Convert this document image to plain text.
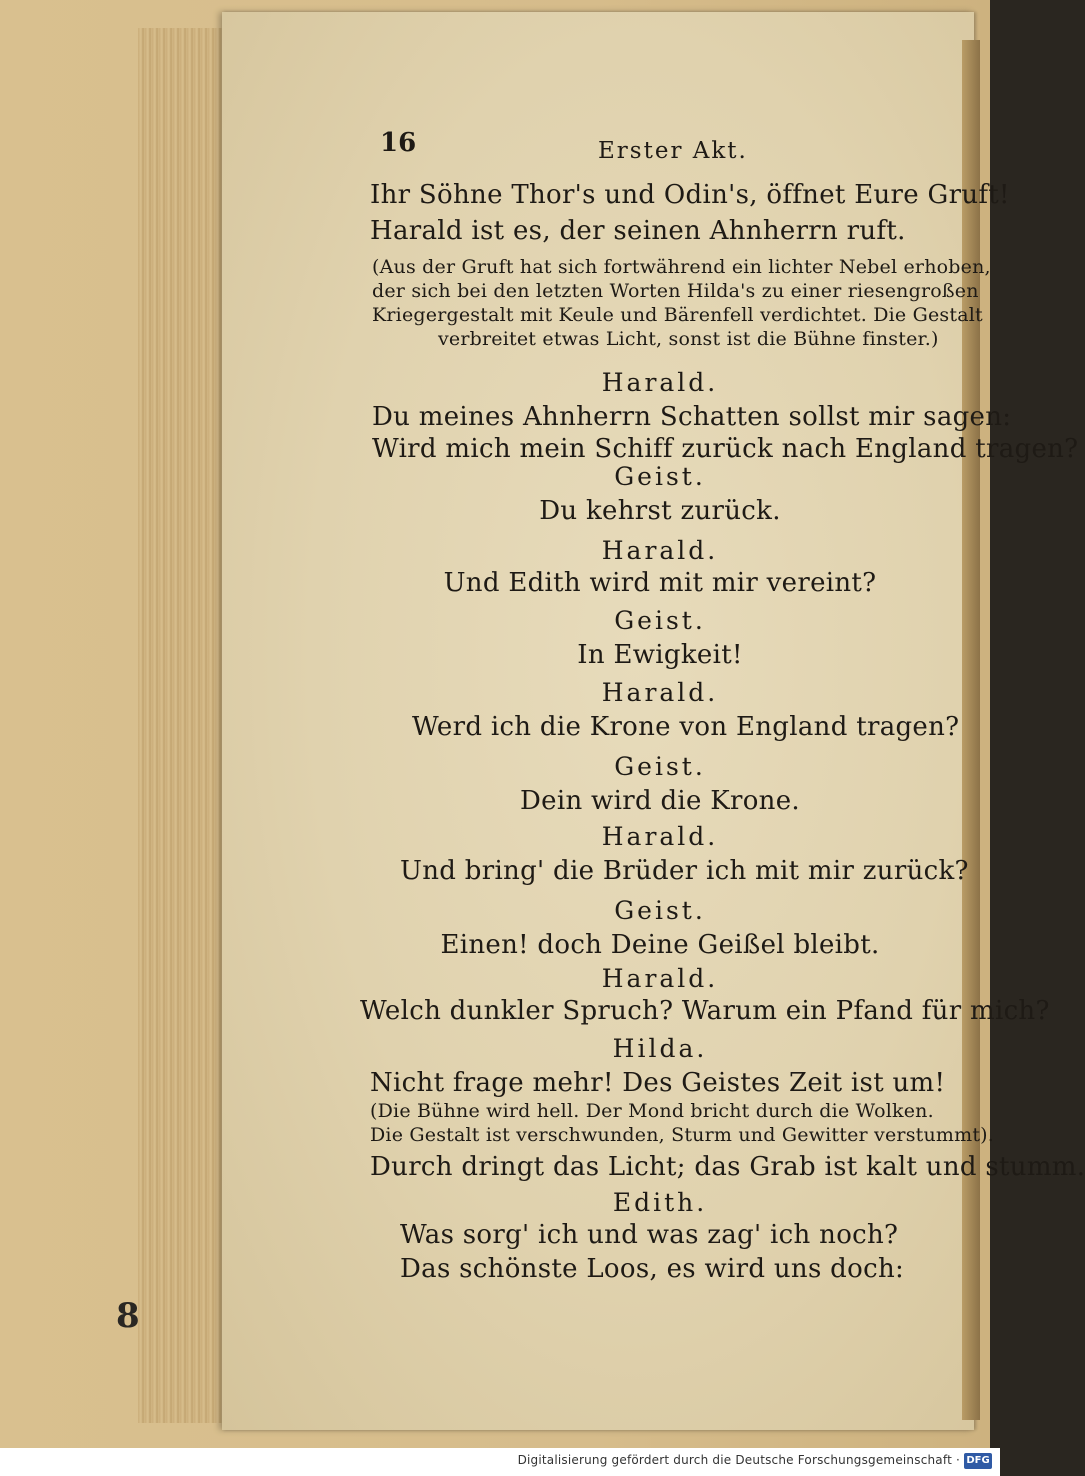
16	Erster Akt.
Ihr Söhne Thor's und Odin's, öffnet Eure Gruft!
Harald ist es, der seinen Ahnherrn ruft.
(Aus der Gruft hat sich fortwährend ein lichter Nebel erhoben,
der sich bei den letzten Worten Hilda's zu einer riesengroßen
Kriegergestalt mit Keule und Bärenfell verdichtet. Die Gestalt
verbreitet etwas Licht, sonst ist die Bühne finster.)
Harald.
Du meines Ahnherrn Schatten sollst mir sagen:
Wird mich mein Schiff zurück nach England tragen?
Geist.
Du kehrst zurück.
Harald.
Und Edith wird mit mir vereint?
Geist.
In Ewigkeit!
Harald.
Werd ich die Krone von England tragen?
Geist.
Dein wird die Krone.
Harald.
Und bring' die Brüder ich mit mir zurück?
Geist.
Einen! doch Deine Geißel bleibt.
Harald.
Welch dunkler Spruch? Warum ein Pfand für mich?
Hilda.
Nicht frage mehr! Des Geistes Zeit ist um!
(Die Bühne wird hell. Der Mond bricht durch die Wolken.
Die Gestalt ist verschwunden, Sturm und Gewitter verstummt).
Durch dringt das Licht; das Grab ist kalt und stumm.
Edith.
Was sorg' ich und was zag' ich noch?
Das schönste Loos, es wird uns doch:
8
Digitalisierung gefördert durch die Deutsche Forschungsgemeinschaft · DFG
